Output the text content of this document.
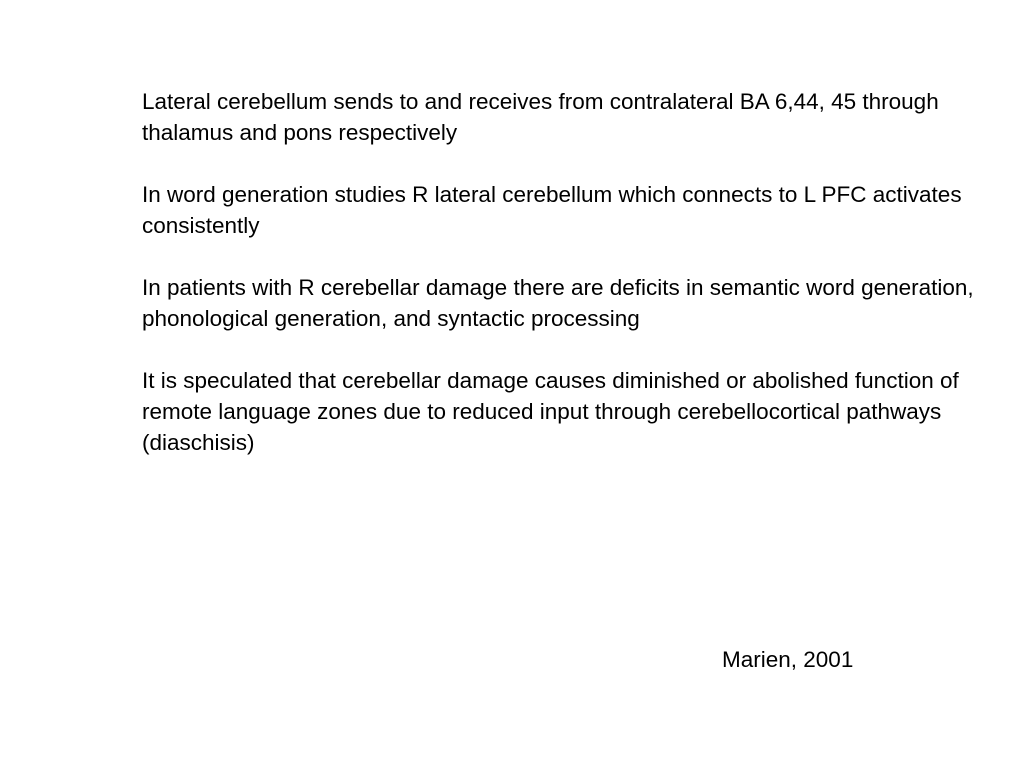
Lateral cerebellum sends to and receives from contralateral BA 6,44, 45 through thalamus and pons respectively

In word generation studies R lateral cerebellum which connects to L PFC activates consistently

In patients with R cerebellar damage there are deficits in semantic word generation, phonological generation, and syntactic processing

It is speculated that cerebellar damage causes diminished or abolished function of remote language zones due to reduced input through cerebellocortical pathways (diaschisis)

Marien, 2001
